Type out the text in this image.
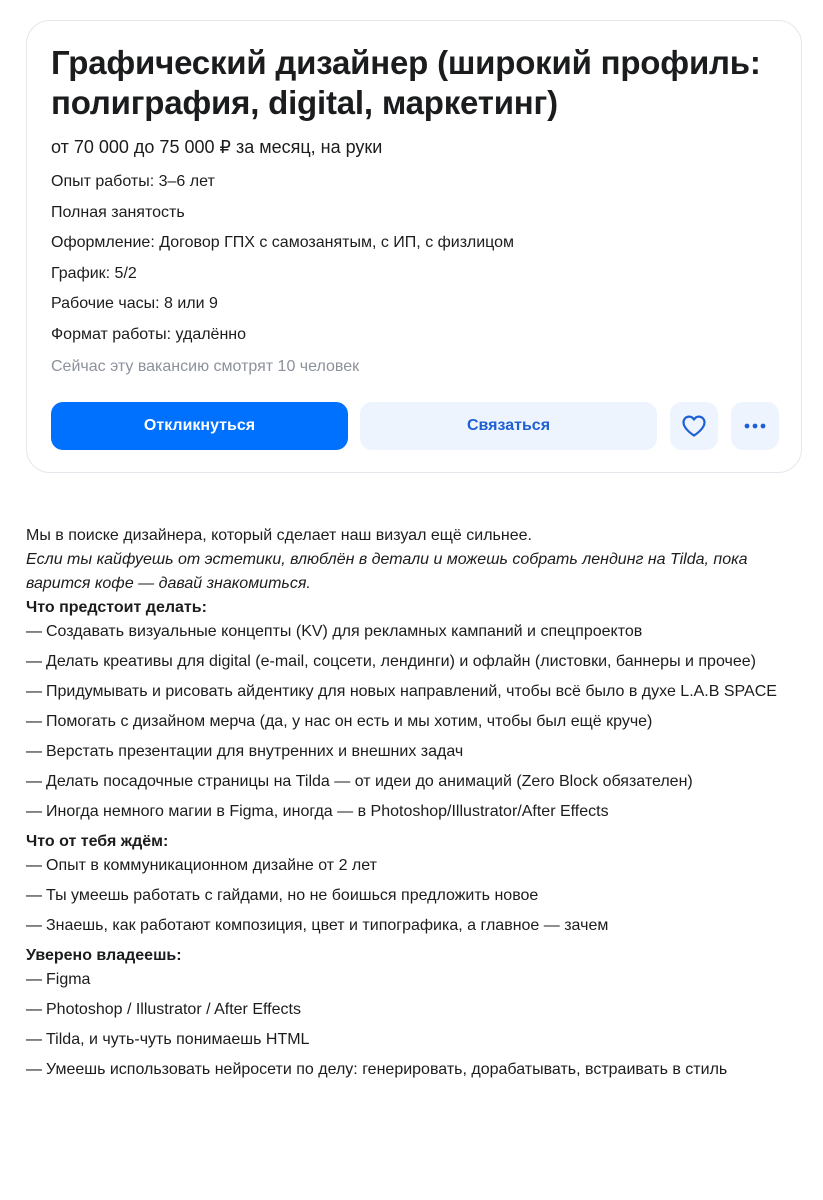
Графический дизайнер (широкий профиль: полиграфия, digital, маркетинг)
от 70 000 до 75 000 ₽ за месяц, на руки
Опыт работы: 3–6 лет
Полная занятость
Оформление: Договор ГПХ с самозанятым, с ИП, с физлицом
График: 5/2
Рабочие часы: 8 или 9
Формат работы: удалённо
Сейчас эту вакансию смотрят 10 человек
Откликнуться	Связаться

Мы в поиске дизайнера, который сделает наш визуал ещё сильнее.

Если ты кайфуешь от эстетики, влюблён в детали и можешь собрать лендинг на Tilda, пока варится кофе — давай знакомиться.

Что предстоит делать:
— Создавать визуальные концепты (KV) для рекламных кампаний и спецпроектов
— Делать креативы для digital (e-mail, соцсети, лендинги) и офлайн (листовки, баннеры и прочее)
— Придумывать и рисовать айдентику для новых направлений, чтобы всё было в духе L.A.B SPACE
— Помогать с дизайном мерча (да, у нас он есть и мы хотим, чтобы был ещё круче)
— Верстать презентации для внутренних и внешних задач
— Делать посадочные страницы на Tilda — от идеи до анимаций (Zero Block обязателен)
— Иногда немного магии в Figma, иногда — в Photoshop/Illustrator/After Effects
Что от тебя ждём:
— Опыт в коммуникационном дизайне от 2 лет
— Ты умеешь работать с гайдами, но не боишься предложить новое
— Знаешь, как работают композиция, цвет и типографика, а главное — зачем
Уверено владеешь:
— Figma
— Photoshop / Illustrator / After Effects
— Tilda, и чуть-чуть понимаешь HTML
— Умеешь использовать нейросети по делу: генерировать, дорабатывать, встраивать в стиль
